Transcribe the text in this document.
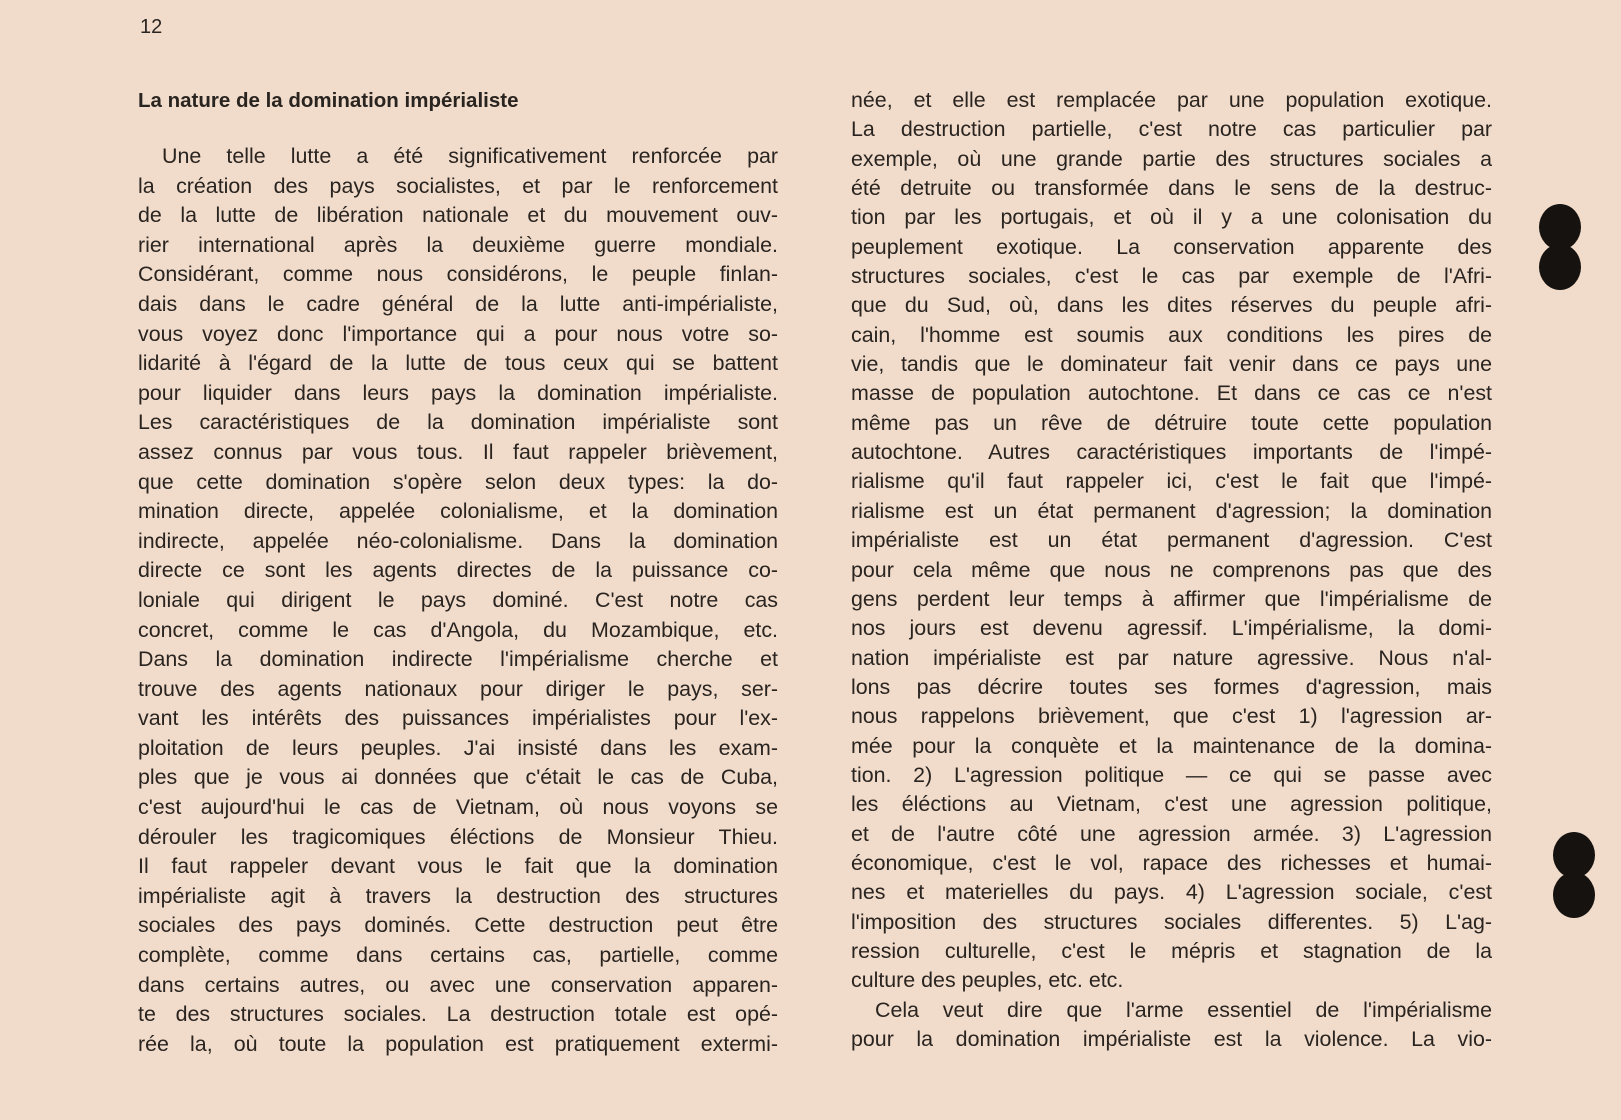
12
La nature de la domination impérialiste
Une telle lutte a été significativement renforcée par
la création des pays socialistes, et par le renforcement
de la lutte de libération nationale et du mouvement ouv-
rier international après la deuxième guerre mondiale.
Considérant, comme nous considérons, le peuple finlan-
dais dans le cadre général de la lutte anti-impérialiste,
vous voyez donc l'importance qui a pour nous votre so-
lidarité à l'égard de la lutte de tous ceux qui se battent
pour liquider dans leurs pays la domination impérialiste.
Les caractéristiques de la domination impérialiste sont
assez connus par vous tous. Il faut rappeler brièvement,
que cette domination s'opère selon deux types: la do-
mination directe, appelée colonialisme, et la domination
indirecte, appelée néo-colonialisme. Dans la domination
directe ce sont les agents directes de la puissance co-
loniale qui dirigent le pays dominé. C'est notre cas
concret, comme le cas d'Angola, du Mozambique, etc.
Dans la domination indirecte l'impérialisme cherche et
trouve des agents nationaux pour diriger le pays, ser-
vant les intérêts des puissances impérialistes pour l'ex-
ploitation de leurs peuples. J'ai insisté dans les exam-
ples que je vous ai données que c'était le cas de Cuba,
c'est aujourd'hui le cas de Vietnam, où nous voyons se
dérouler les tragicomiques éléctions de Monsieur Thieu.
Il faut rappeler devant vous le fait que la domination
impérialiste agit à travers la destruction des structures
sociales des pays dominés. Cette destruction peut être
complète, comme dans certains cas, partielle, comme
dans certains autres, ou avec une conservation apparen-
te des structures sociales. La destruction totale est opé-
rée la, où toute la population est pratiquement extermi-
née, et elle est remplacée par une population exotique.
La destruction partielle, c'est notre cas particulier par
exemple, où une grande partie des structures sociales a
été detruite ou transformée dans le sens de la destruc-
tion par les portugais, et où il y a une colonisation du
peuplement exotique. La conservation apparente des
structures sociales, c'est le cas par exemple de l'Afri-
que du Sud, où, dans les dites réserves du peuple afri-
cain, l'homme est soumis aux conditions les pires de
vie, tandis que le dominateur fait venir dans ce pays une
masse de population autochtone. Et dans ce cas ce n'est
même pas un rêve de détruire toute cette population
autochtone. Autres caractéristiques importants de l'impé-
rialisme qu'il faut rappeler ici, c'est le fait que l'impé-
rialisme est un état permanent d'agression; la domination
impérialiste est un état permanent d'agression. C'est
pour cela même que nous ne comprenons pas que des
gens perdent leur temps à affirmer que l'impérialisme de
nos jours est devenu agressif. L'impérialisme, la domi-
nation impérialiste est par nature agressive. Nous n'al-
lons pas décrire toutes ses formes d'agression, mais
nous rappelons brièvement, que c'est 1) l'agression ar-
mée pour la conquète et la maintenance de la domina-
tion. 2) L'agression politique — ce qui se passe avec
les éléctions au Vietnam, c'est une agression politique,
et de l'autre côté une agression armée. 3) L'agression
économique, c'est le vol, rapace des richesses et humai-
nes et materielles du pays. 4) L'agression sociale, c'est
l'imposition des structures sociales differentes. 5) L'ag-
ression culturelle, c'est le mépris et stagnation de la
culture des peuples, etc. etc.
Cela veut dire que l'arme essentiel de l'impérialisme
pour la domination impérialiste est la violence. La vio-
